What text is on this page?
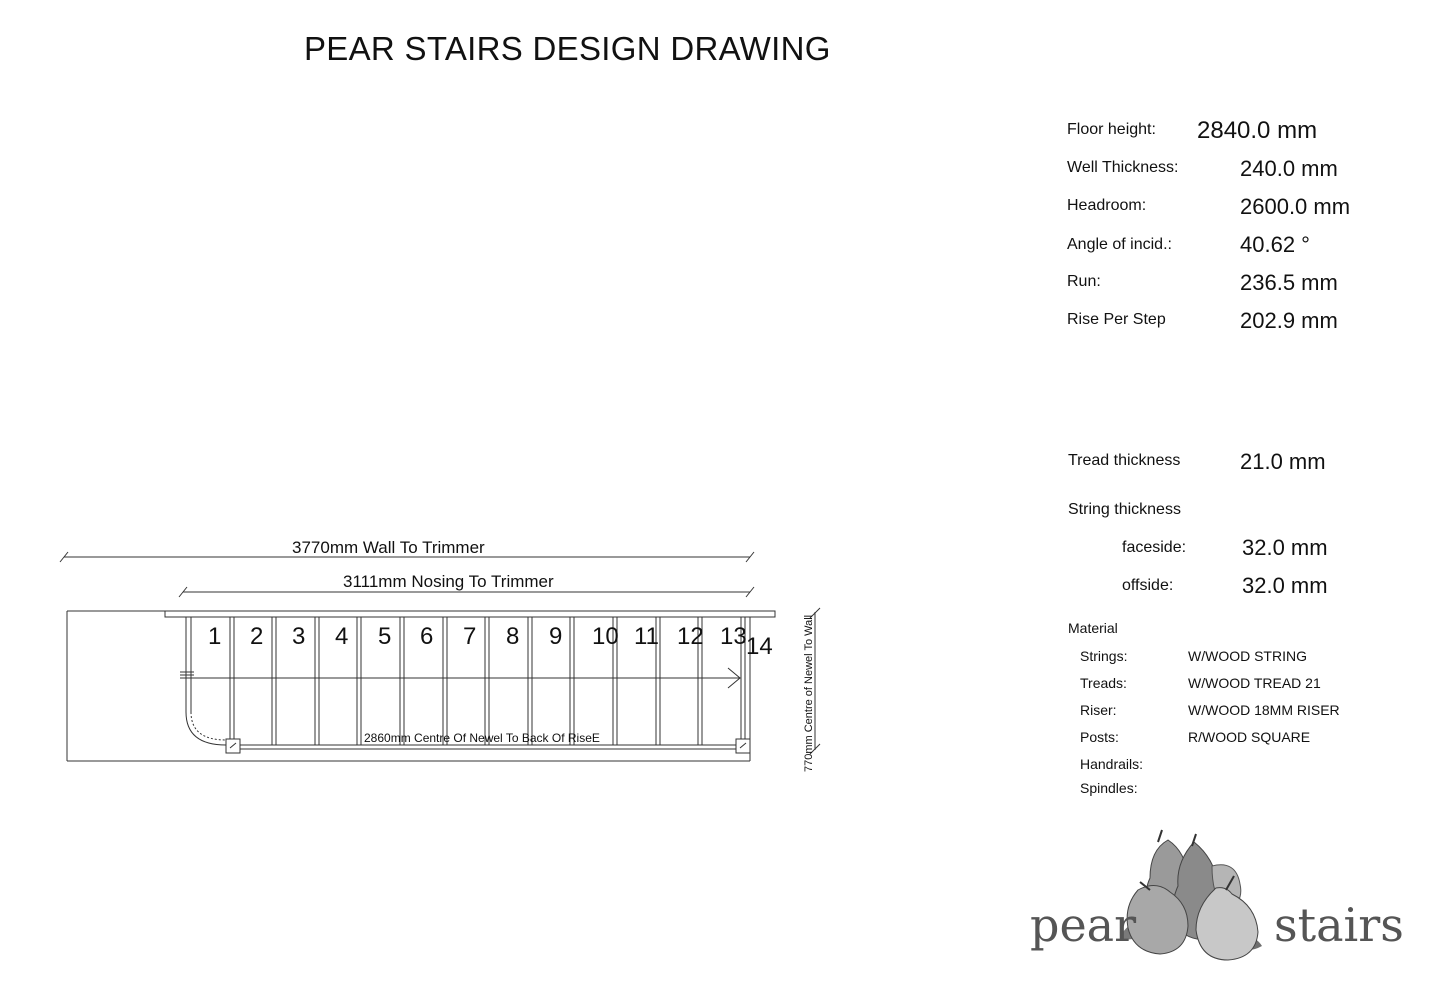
PEAR STAIRS DESIGN DRAWING
Floor height: 2840.0 mm
Well Thickness:	240.0 mm
Headroom:	2600.0 mm
Angle of incid.:	40.62 °
Run:	236.5 mm
Rise Per Step	202.9 mm
Tread thickness	21.0 mm
String thickness
faceside:	32.0 mm
offside:	32.0 mm
Material
Strings:	W/WOOD STRING
Treads:	W/WOOD TREAD 21
Riser:	W/WOOD 18MM RISER
Posts:	R/WOOD SQUARE
Handrails:
Spindles:
3770mm Wall To Trimmer
3111mm Nosing To Trimmer
2860mm Centre Of Newel To Back Of RiseE	770mm Centre of Newel To Wall
1 2 3 4 5 6 7 8 9 10 11 12 13 14
pear	stairs
